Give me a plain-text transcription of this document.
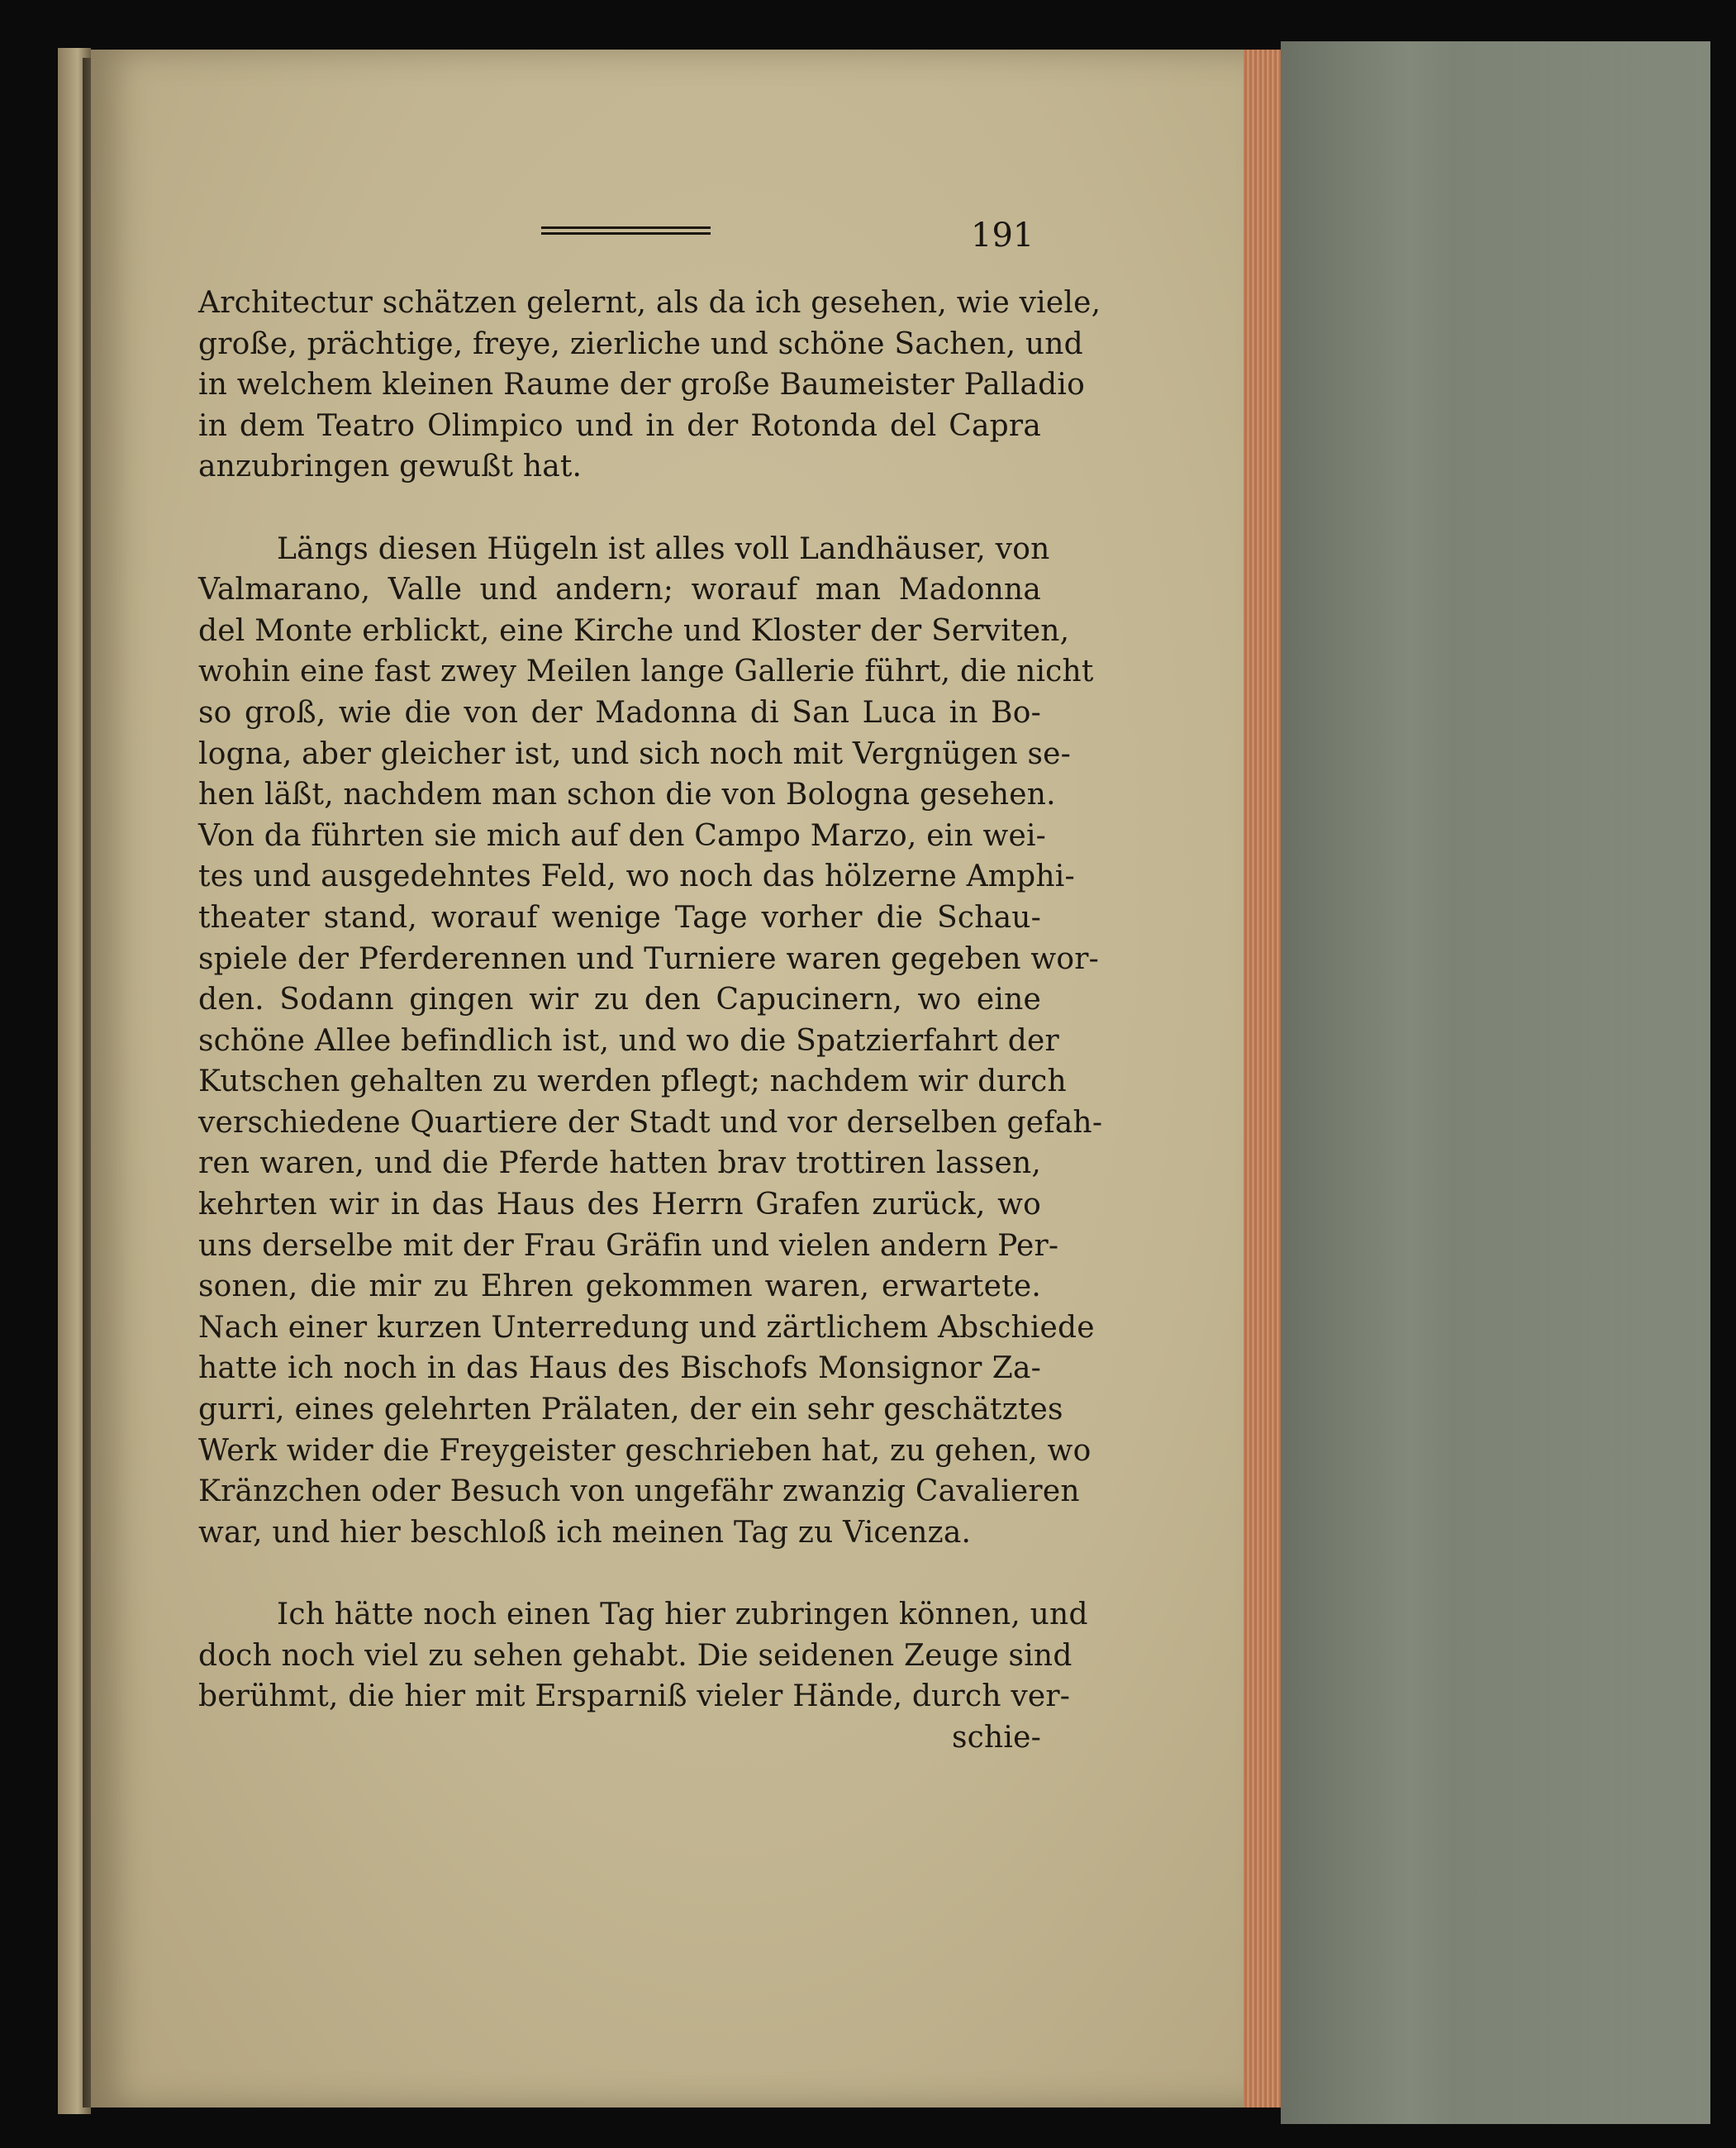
191
Architectur schätzen gelernt, als da ich gesehen, wie viele,
große, prächtige, freye, zierliche und schöne Sachen, und
in welchem kleinen Raume der große Baumeister Palladio
in dem Teatro Olimpico und in der Rotonda del Capra
anzubringen gewußt hat.
Längs diesen Hügeln ist alles voll Landhäuser, von
Valmarano, Valle und andern; worauf man Madonna
del Monte erblickt, eine Kirche und Kloster der Serviten,
wohin eine fast zwey Meilen lange Gallerie führt, die nicht
so groß, wie die von der Madonna di San Luca in Bo-
logna, aber gleicher ist, und sich noch mit Vergnügen se-
hen läßt, nachdem man schon die von Bologna gesehen.
Von da führten sie mich auf den Campo Marzo, ein wei-
tes und ausgedehntes Feld, wo noch das hölzerne Amphi-
theater stand, worauf wenige Tage vorher die Schau-
spiele der Pferderennen und Turniere waren gegeben wor-
den. Sodann gingen wir zu den Capucinern, wo eine
schöne Allee befindlich ist, und wo die Spatzierfahrt der
Kutschen gehalten zu werden pflegt; nachdem wir durch
verschiedene Quartiere der Stadt und vor derselben gefah-
ren waren, und die Pferde hatten brav trottiren lassen,
kehrten wir in das Haus des Herrn Grafen zurück, wo
uns derselbe mit der Frau Gräfin und vielen andern Per-
sonen, die mir zu Ehren gekommen waren, erwartete.
Nach einer kurzen Unterredung und zärtlichem Abschiede
hatte ich noch in das Haus des Bischofs Monsignor Za-
gurri, eines gelehrten Prälaten, der ein sehr geschätztes
Werk wider die Freygeister geschrieben hat, zu gehen, wo
Kränzchen oder Besuch von ungefähr zwanzig Cavalieren
war, und hier beschloß ich meinen Tag zu Vicenza.
Ich hätte noch einen Tag hier zubringen können, und
doch noch viel zu sehen gehabt. Die seidenen Zeuge sind
berühmt, die hier mit Ersparniß vieler Hände, durch ver-
schie-
